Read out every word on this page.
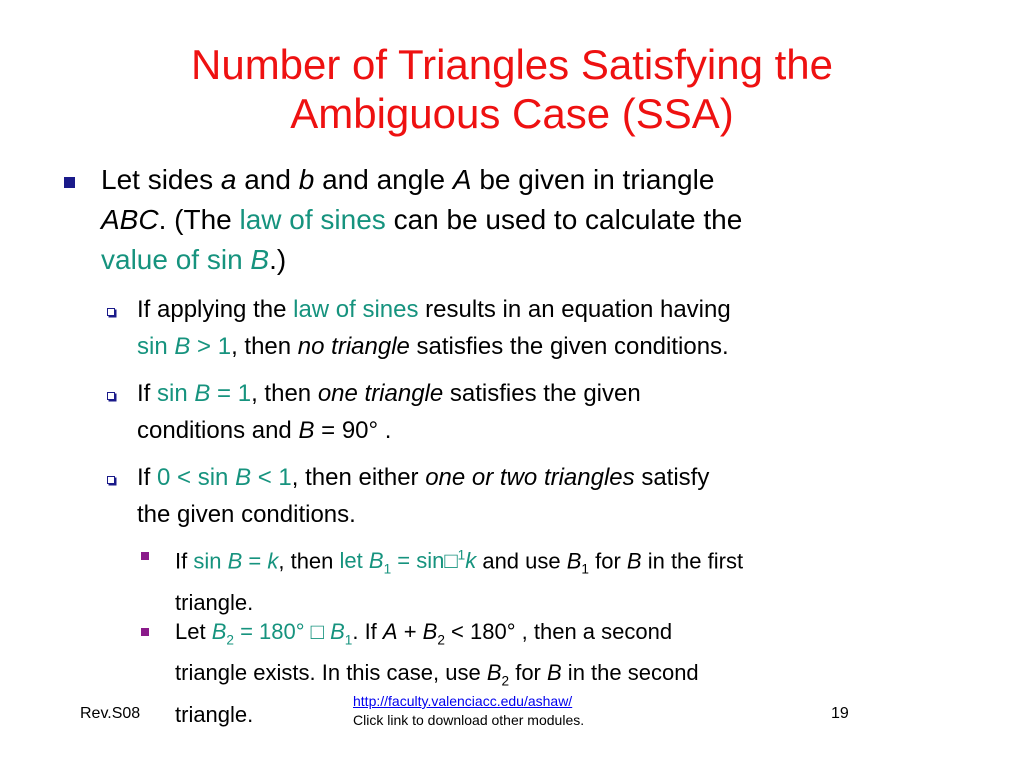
Number of Triangles Satisfying the
Ambiguous Case (SSA)
Let sides a and b and angle A be given in triangle
ABC. (The law of sines can be used to calculate the
value of sin B.)
If applying the law of sines results in an equation having
sin B > 1, then no triangle satisfies the given conditions.
If sin B = 1, then one triangle satisfies the given
conditions and B = 90° .
If 0 < sin B < 1, then either one or two triangles satisfy
the given conditions.
If sin B = k, then let $B_1$ = sin□$^1$k and use $B_1$ for B in the first
triangle.
Let $B_2 = 180^\circ$ □ $B_1$. If $A + B_2 < 180^\circ$ , then a second
triangle exists. In this case, use $B_2$ for B in the second
triangle.
Rev.S08
http://faculty.valenciacc.edu/ashaw/
Click link to download other modules.	19
